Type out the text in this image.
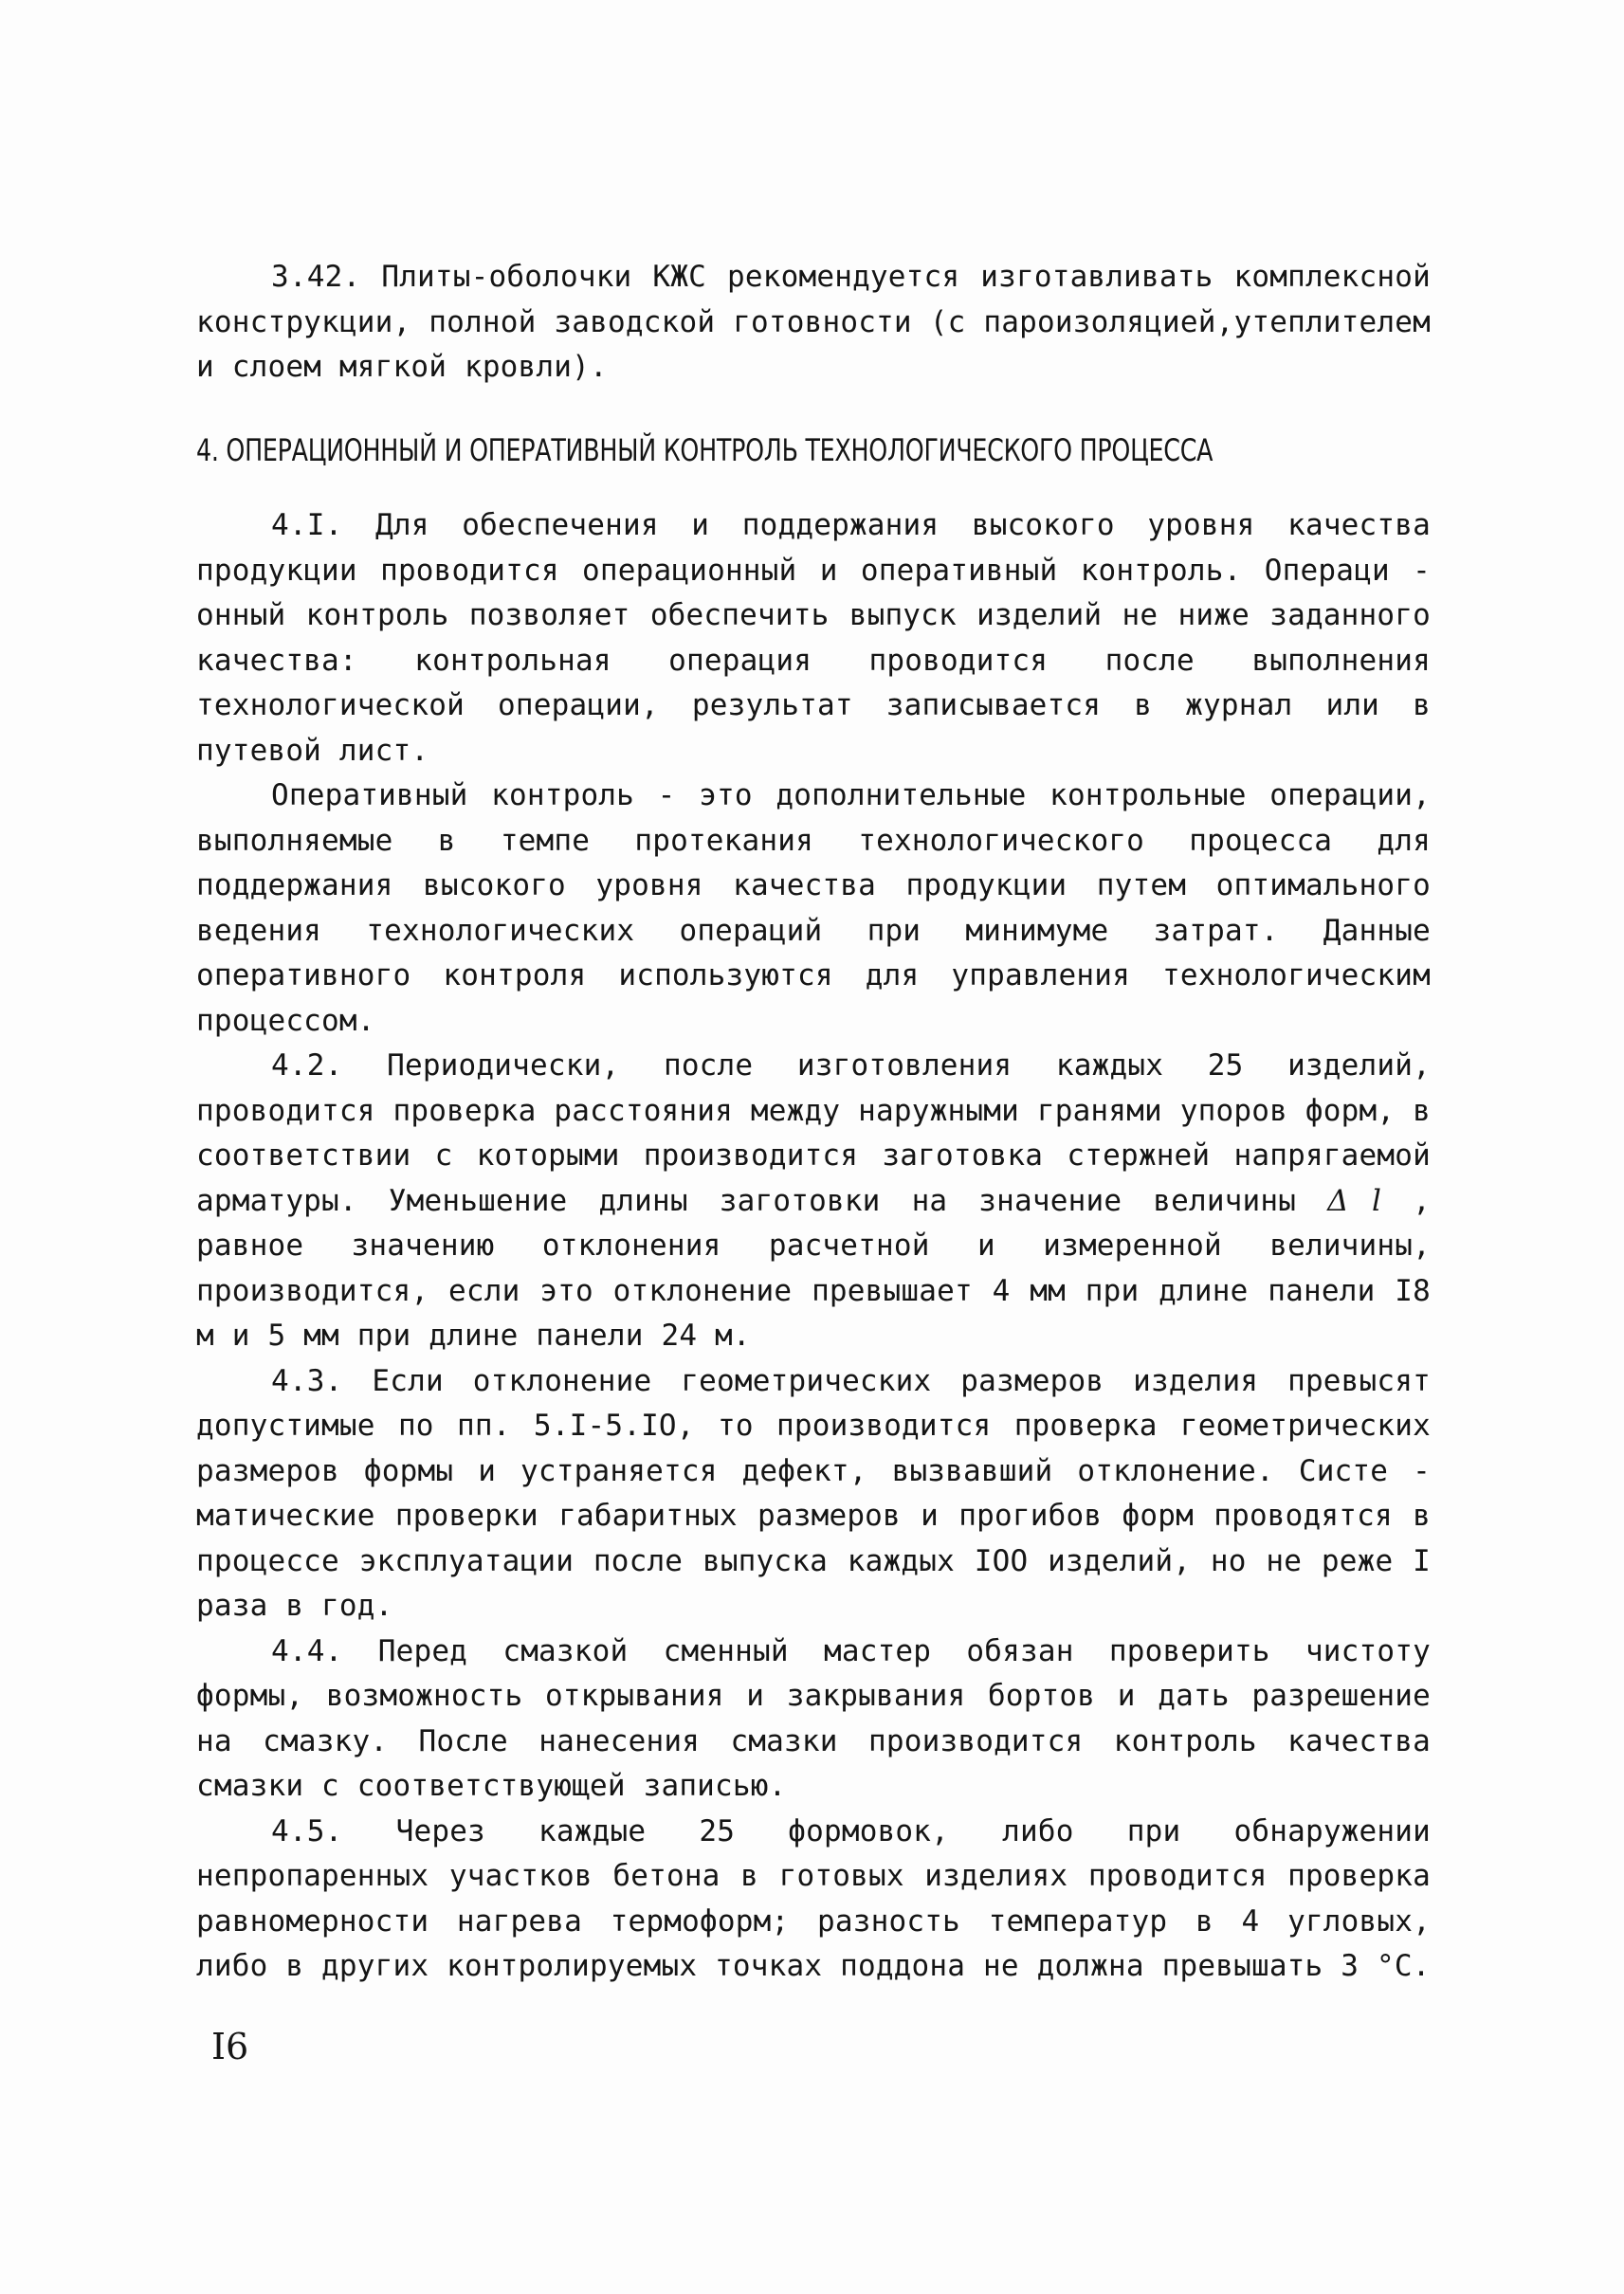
3.42. Плиты-оболочки КЖС рекомендуется изготавливать комплексной конструкции, полной заводской готовности (с пароизоляцией,утеплителем и слоем мягкой кровли).

4. ОПЕРАЦИОННЫЙ И ОПЕРАТИВНЫЙ КОНТРОЛЬ ТЕХНОЛОГИЧЕСКОГО ПРОЦЕССА

4.I. Для обеспечения и поддержания высокого уровня качества продукции проводится операционный и оперативный контроль. Операци - онный контроль позволяет обеспечить выпуск изделий не ниже заданного качества: контрольная операция проводится после выполнения технологической операции, результат записывается в журнал или в путевой лист.

Оперативный контроль - это дополнительные контрольные операции, выполняемые в темпе протекания технологического процесса для поддержания высокого уровня качества продукции путем оптимального ведения технологических операций при минимуме затрат. Данные оперативного контроля используются для управления технологическим процессом.

4.2. Периодически, после изготовления каждых 25 изделий, проводится проверка расстояния между наружными гранями упоров форм, в соответствии с которыми производится заготовка стержней напрягаемой арматуры. Уменьшение длины заготовки на значение величины Δ l , равное значению отклонения расчетной и измеренной величины, производится, если это отклонение превышает 4 мм при длине панели I8 м и 5 мм при длине панели 24 м.

4.3. Если отклонение геометрических размеров изделия превысят допустимые по пп. 5.I-5.IO, то производится проверка геометрических размеров формы и устраняется дефект, вызвавший отклонение. Систе - матические проверки габаритных размеров и прогибов форм проводятся в процессе эксплуатации после выпуска каждых IOO изделий, но не реже I раза в год.

4.4. Перед смазкой сменный мастер обязан проверить чистоту формы, возможность открывания и закрывания бортов и дать разрешение на смазку. После нанесения смазки производится контроль качества смазки с соответствующей записью.

4.5. Через каждые 25 формовок, либо при обнаружении непропаренных участков бетона в готовых изделиях проводится проверка равномерности нагрева термоформ; разность температур в 4 угловых, либо в других контролируемых точках поддона не должна превышать 3 °С.

I6
